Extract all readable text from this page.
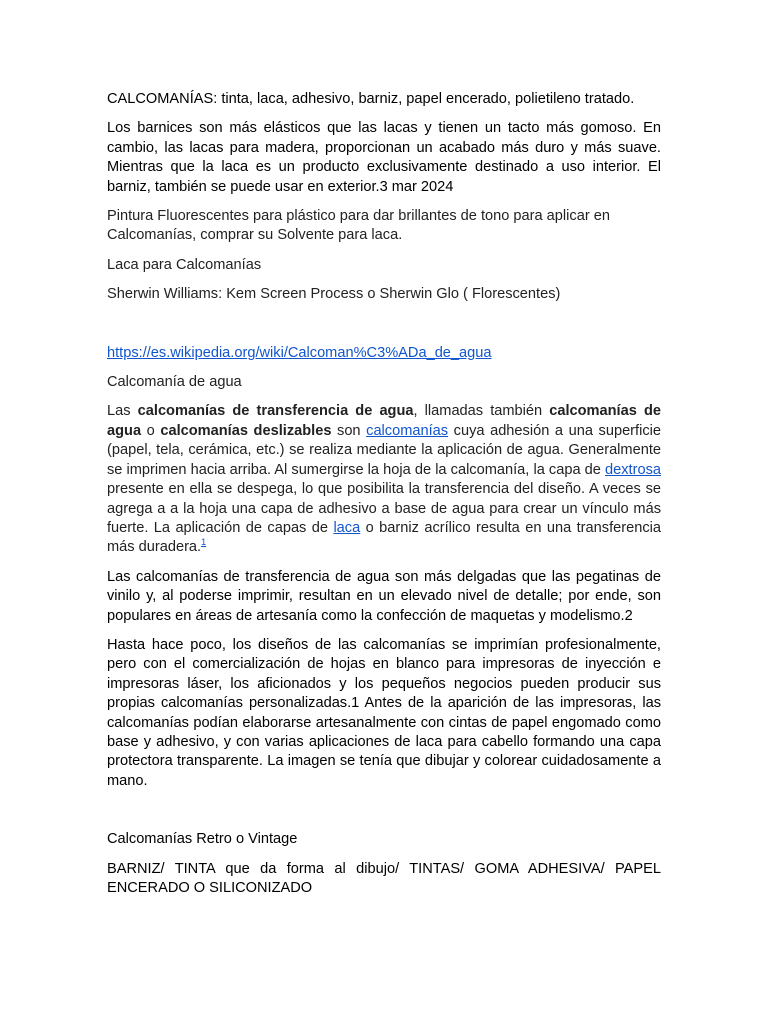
CALCOMANÍAS: tinta, laca, adhesivo, barniz, papel encerado, polietileno tratado.

Los barnices son más elásticos que las lacas y tienen un tacto más gomoso. En cambio, las lacas para madera, proporcionan un acabado más duro y más suave. Mientras que la laca es un producto exclusivamente destinado a uso interior. El barniz, también se puede usar en exterior.3 mar 2024

Pintura Fluorescentes para plástico para dar brillantes de tono para aplicar en Calcomanías, comprar su Solvente para laca.

Laca para Calcomanías

Sherwin Williams: Kem Screen Process o Sherwin Glo ( Florescentes)

https://es.wikipedia.org/wiki/Calcoman%C3%ADa_de_agua

Calcomanía de agua

Las calcomanías de transferencia de agua, llamadas también calcomanías de agua o calcomanías deslizables son calcomanías cuya adhesión a una superficie (papel, tela, cerámica, etc.) se realiza mediante la aplicación de agua. Generalmente se imprimen hacia arriba. Al sumergirse la hoja de la calcomanía, la capa de dextrosa presente en ella se despega, lo que posibilita la transferencia del diseño. A veces se agrega a a la hoja una capa de adhesivo a base de agua para crear un vínculo más fuerte. La aplicación de capas de laca o barniz acrílico resulta en una transferencia más duradera.$^1$

Las calcomanías de transferencia de agua son más delgadas que las pegatinas de vinilo y, al poderse imprimir, resultan en un elevado nivel de detalle; por ende, son populares en áreas de artesanía como la confección de maquetas y modelismo.2

Hasta hace poco, los diseños de las calcomanías se imprimían profesionalmente, pero con el comercialización de hojas en blanco para impresoras de inyección e impresoras láser, los aficionados y los pequeños negocios pueden producir sus propias calcomanías personalizadas.1 Antes de la aparición de las impresoras, las calcomanías podían elaborarse artesanalmente con cintas de papel engomado como base y adhesivo, y con varias aplicaciones de laca para cabello formando una capa protectora transparente. La imagen se tenía que dibujar y colorear cuidadosamente a mano.

Calcomanías Retro o Vintage

BARNIZ/ TINTA que da forma al dibujo/ TINTAS/ GOMA ADHESIVA/ PAPEL ENCERADO O SILICONIZADO
